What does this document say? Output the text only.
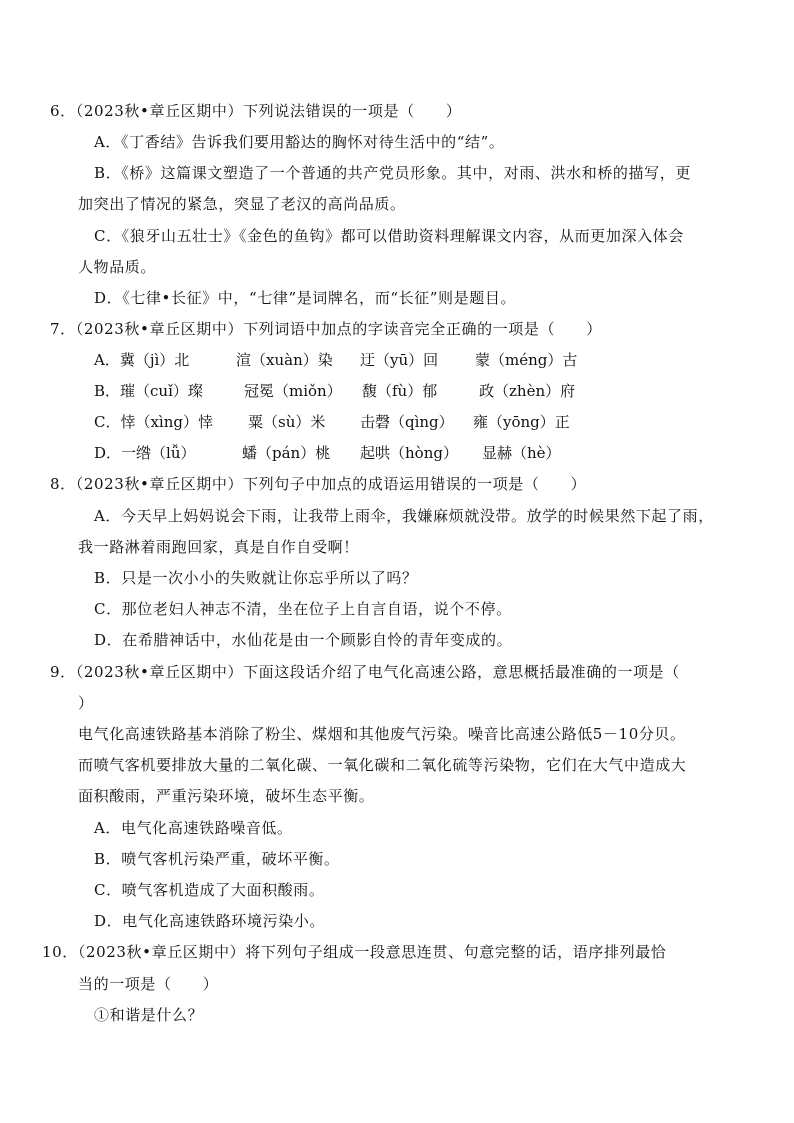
6．（2023秋•章丘区期中）下列说法错误的一项是（　　）
A．《丁香结》告诉我们要用豁达的胸怀对待生活中的“结”。
B．《桥》这篇课文塑造了一个普通的共产党员形象。其中，对雨、洪水和桥的描写，更
加突出了情况的紧急，突显了老汉的高尚品质。
C．《狼牙山五壮士》《金色的鱼钩》都可以借助资料理解课文内容，从而更加深入体会
人物品质。
D．《七律•长征》中，“七律”是词牌名，而“长征”则是题目。
7．（2023秋•章丘区期中）下列词语中加点的字读音完全正确的一项是（　　）
A．冀（jì）北	渲（xuàn）染 迂（yū）回 蒙（méng）古
B．璀（cuǐ）璨	冠冕（miǒn） 馥（fù）郁	政（zhèn）府
C．悻（xìng）悻 粟（sù）米 击磬（qìng） 雍（yōng）正
D．一绺（lǚ）	蟠（pán）桃 起哄（hòng） 显赫（hè）
8．（2023秋•章丘区期中）下列句子中加点的成语运用错误的一项是（　　）
A．今天早上妈妈说会下雨，让我带上雨伞，我嫌麻烦就没带。放学的时候果然下起了雨，
我一路淋着雨跑回家，真是自作自受啊！
B．只是一次小小的失败就让你忘乎所以了吗？
C．那位老妇人神志不清，坐在位子上自言自语，说个不停。
D．在希腊神话中，水仙花是由一个顾影自怜的青年变成的。
9．（2023秋•章丘区期中）下面这段话介绍了电气化高速公路，意思概括最准确的一项是（
）
电气化高速铁路基本消除了粉尘、煤烟和其他废气污染。噪音比高速公路低5－10分贝。
而喷气客机要排放大量的二氧化碳、一氧化碳和二氧化硫等污染物，它们在大气中造成大
面积酸雨，严重污染环境，破坏生态平衡。
A．电气化高速铁路噪音低。
B．喷气客机污染严重，破坏平衡。
C．喷气客机造成了大面积酸雨。
D．电气化高速铁路环境污染小。
10．（2023秋•章丘区期中）将下列句子组成一段意思连贯、句意完整的话，语序排列最恰
当的一项是（　　）
①和谐是什么？
